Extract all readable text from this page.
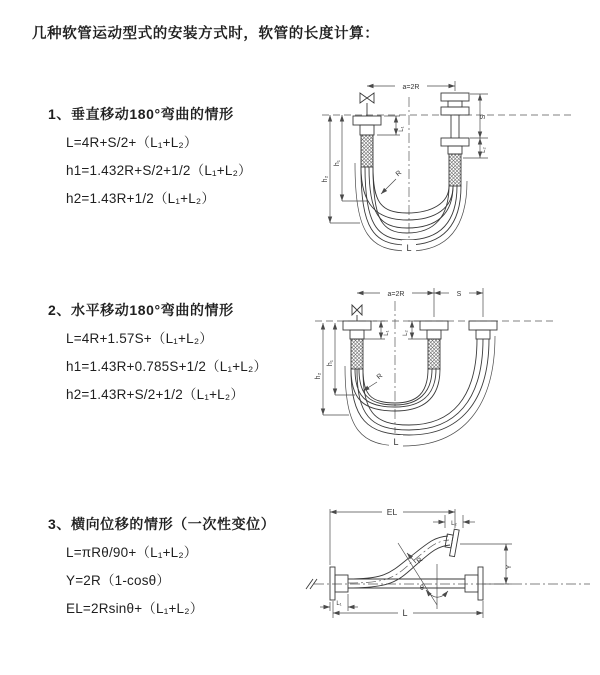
几种软管运动型式的安装方式时，软管的长度计算：
1、垂直移动180°弯曲的情形
L=4R+S/2+（L₁+L₂）
h1=1.432R+S/2+1/2（L₁+L₂）
h2=1.43R+1/2（L₁+L₂）
2、水平移动180°弯曲的情形
L=4R+1.57S+（L₁+L₂）
h1=1.43R+0.785S+1/2（L₁+L₂）
h2=1.43R+S/2+1/2（L₁+L₂）
3、横向位移的情形（一次性变位）
L=πRθ/90+（L₁+L₂）
Y=2R（1-cosθ）
EL=2Rsinθ+（L₁+L₂）
a=2R
L₁
h₁
h₂
S
L₂
R
L
a=2R	S
L₁ L₂
h₁
h₂	R
L
EL
L₂
Y
R
θ
L
L₁
